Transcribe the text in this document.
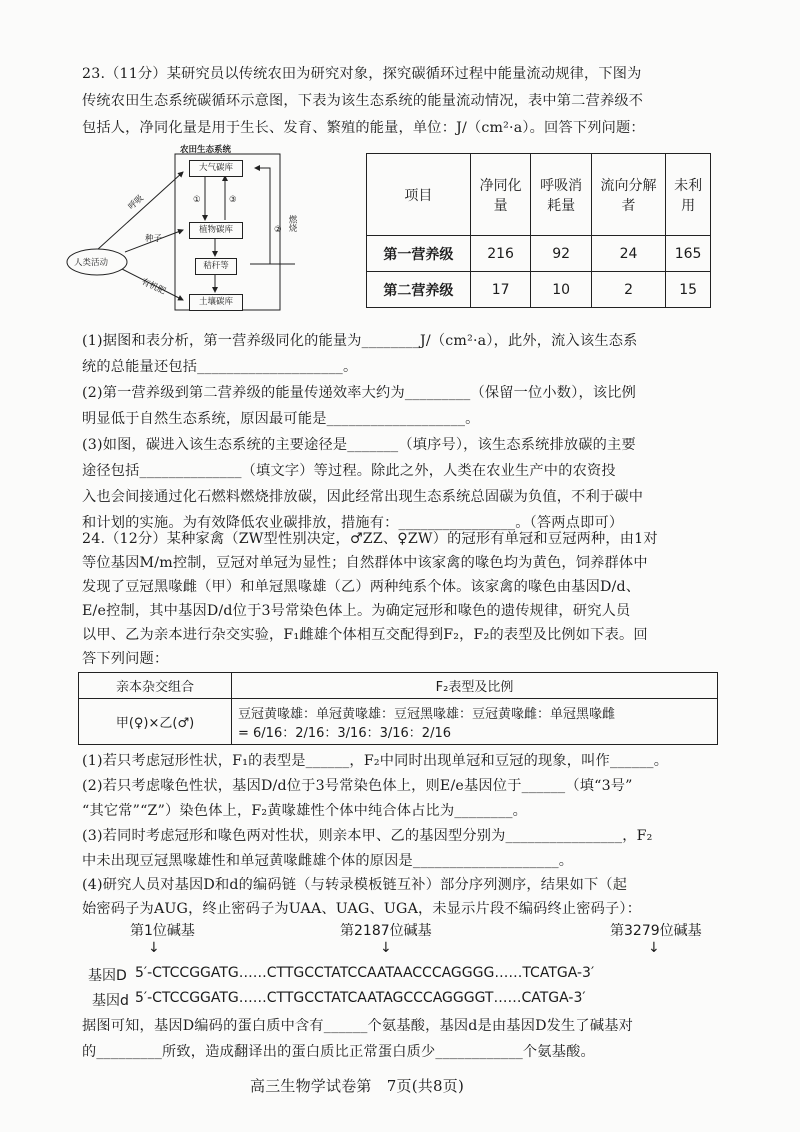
23.（11分）某研究员以传统农田为研究对象，探究碳循环过程中能量流动规律，下图为
传统农田生态系统碳循环示意图，下表为该生态系统的能量流动情况，表中第二营养级不
包括人，净同化量是用于生长、发育、繁殖的能量，单位：J/（cm²·a）。回答下列问题：
农田生态系统
大气碳库
植物碳库
秸秆等
土壤碳库
人类活动
呼吸
种子
有机肥
燃烧
①	③
②
项目	净同化量	呼吸消耗量	流向分解者	未利用
第一营养级	216	92	24	165
第二营养级	17	10	2	15
(1)据图和表分析，第一营养级同化的能量为________J/（cm²·a），此外，流入该生态系
统的总能量还包括____________________。
(2)第一营养级到第二营养级的能量传递效率大约为_________（保留一位小数），该比例
明显低于自然生态系统，原因最可能是___________________。
(3)如图，碳进入该生态系统的主要途径是_______（填序号），该生态系统排放碳的主要
途径包括______________（填文字）等过程。除此之外，人类在农业生产中的农资投
入也会间接通过化石燃料燃烧排放碳，因此经常出现生态系统总固碳为负值，不利于碳中
和计划的实施。为有效降低农业碳排放，措施有：________________。（答两点即可）
24.（12分）某种家禽（ZW型性别决定，♂ZZ、♀ZW）的冠形有单冠和豆冠两种，由1对
等位基因M/m控制，豆冠对单冠为显性；自然群体中该家禽的喙色均为黄色，饲养群体中
发现了豆冠黑喙雌（甲）和单冠黑喙雄（乙）两种纯系个体。该家禽的喙色由基因D/d、
E/e控制，其中基因D/d位于3号常染色体上。为确定冠形和喙色的遗传规律，研究人员
以甲、乙为亲本进行杂交实验，F₁雌雄个体相互交配得到F₂，F₂的表型及比例如下表。回
答下列问题：
亲本杂交组合	F₂表型及比例
甲(♀)×乙(♂)	豆冠黄喙雄：单冠黄喙雄：豆冠黑喙雄：豆冠黄喙雌：单冠黑喙雌
= 6/16：2/16：3/16：3/16：2/16
(1)若只考虑冠形性状，F₁的表型是______，F₂中同时出现单冠和豆冠的现象，叫作______。
(2)若只考虑喙色性状，基因D/d位于3号常染色体上，则E/e基因位于______（填“3号”
“其它常”“Z”）染色体上，F₂黄喙雄性个体中纯合体占比为________。
(3)若同时考虑冠形和喙色两对性状，则亲本甲、乙的基因型分别为________________，F₂
中未出现豆冠黑喙雄性和单冠黄喙雌雄个体的原因是____________________。
(4)研究人员对基因D和d的编码链（与转录模板链互补）部分序列测序，结果如下（起
始密码子为AUG，终止密码子为UAA、UAG、UGA，未显示片段不编码终止密码子）：
第1位碱基	第2187位碱基	第3279位碱基
↓	↓	↓
基因D 5′-CTCCGGATG……CTTGCCTATCCAATAACCCAGGGG……TCATGA-3′
基因d 5′-CTCCGGATG……CTTGCCTATCAATAGCCCAGGGGT……CATGA-3′
据图可知，基因D编码的蛋白质中含有______个氨基酸，基因d是由基因D发生了碱基对
的_________所致，造成翻译出的蛋白质比正常蛋白质少____________个氨基酸。
高三生物学试卷第　7页(共8页)
